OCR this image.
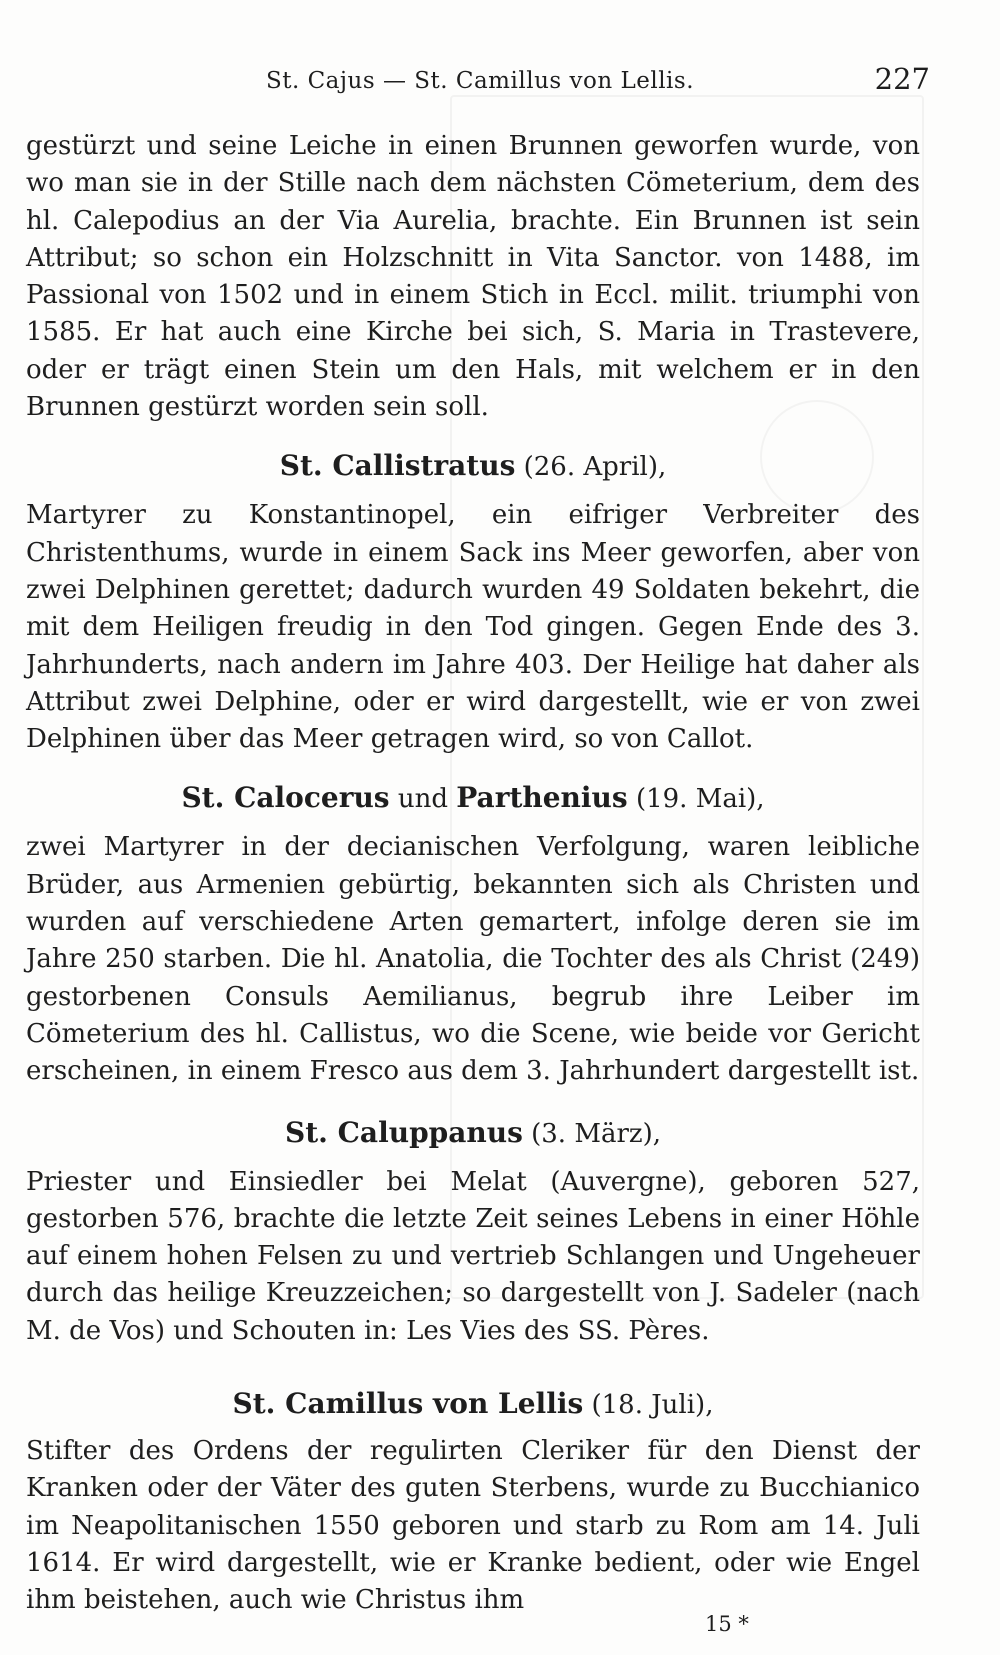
St. Cajus — St. Camillus von Lellis.	227

gestürzt und seine Leiche in einen Brunnen geworfen wurde, von wo man sie in der Stille nach dem nächsten Cömeterium, dem des hl. Calepodius an der Via Aurelia, brachte. Ein Brunnen ist sein Attribut; so schon ein Holzschnitt in Vita Sanctor. von 1488, im Passional von 1502 und in einem Stich in Eccl. milit. triumphi von 1585. Er hat auch eine Kirche bei sich, S. Maria in Trastevere, oder er trägt einen Stein um den Hals, mit welchem er in den Brunnen gestürzt worden sein soll.

St. Callistratus (26. April),

Martyrer zu Konstantinopel, ein eifriger Verbreiter des Christenthums, wurde in einem Sack ins Meer geworfen, aber von zwei Delphinen gerettet; dadurch wurden 49 Soldaten bekehrt, die mit dem Heiligen freudig in den Tod gingen. Gegen Ende des 3. Jahrhunderts, nach andern im Jahre 403. Der Heilige hat daher als Attribut zwei Delphine, oder er wird dargestellt, wie er von zwei Delphinen über das Meer getragen wird, so von Callot.

St. Calocerus und Parthenius (19. Mai),

zwei Martyrer in der decianischen Verfolgung, waren leibliche Brüder, aus Armenien gebürtig, bekannten sich als Christen und wurden auf verschiedene Arten gemartert, infolge deren sie im Jahre 250 starben. Die hl. Anatolia, die Tochter des als Christ (249) gestorbenen Consuls Aemilianus, begrub ihre Leiber im Cömeterium des hl. Callistus, wo die Scene, wie beide vor Gericht erscheinen, in einem Fresco aus dem 3. Jahrhundert dargestellt ist.

St. Caluppanus (3. März),

Priester und Einsiedler bei Melat (Auvergne), geboren 527, gestorben 576, brachte die letzte Zeit seines Lebens in einer Höhle auf einem hohen Felsen zu und vertrieb Schlangen und Ungeheuer durch das heilige Kreuzzeichen; so dargestellt von J. Sadeler (nach M. de Vos) und Schouten in: Les Vies des SS. Pères.

St. Camillus von Lellis (18. Juli),

Stifter des Ordens der regulirten Cleriker für den Dienst der Kranken oder der Väter des guten Sterbens, wurde zu Bucchianico im Neapolitanischen 1550 geboren und starb zu Rom am 14. Juli 1614. Er wird dargestellt, wie er Kranke bedient, oder wie Engel ihm beistehen, auch wie Christus ihm

15 *
